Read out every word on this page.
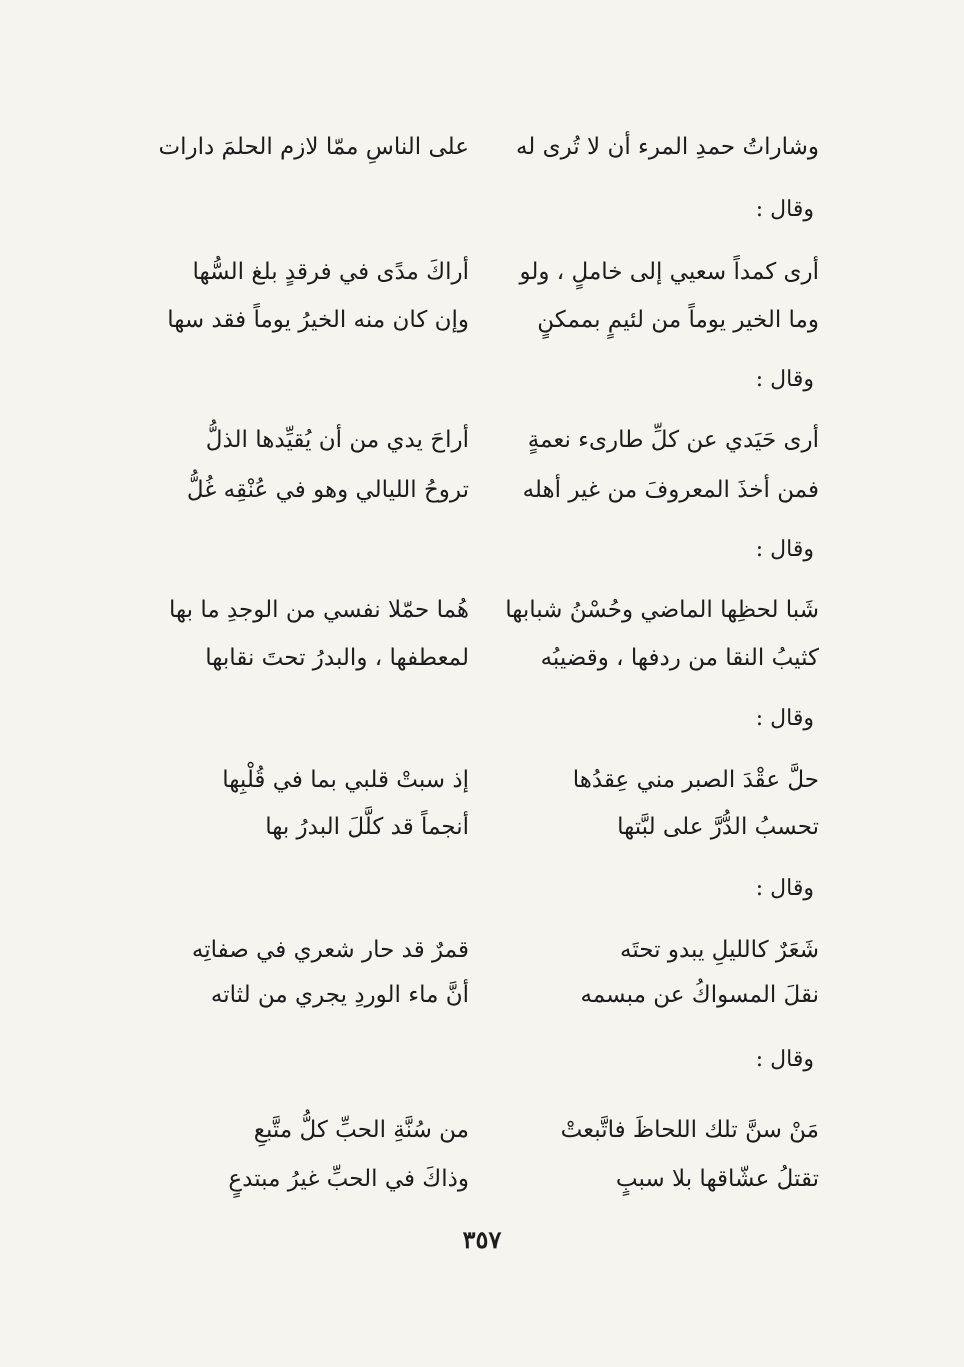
وشاراتُ حمدِ المرء أن لا تُرى له
على الناسِ ممّا لازم الحلمَ دارات
وقال :
أرى كمداً سعيي إلى خاملٍ ، ولو
أراكَ مدًى في فرقدٍ بلغ السُّها
وما الخير يوماً من لئيمٍ بممكنٍ
وإن كان منه الخيرُ يوماً فقد سها
وقال :
أرى حَيَدي عن كلِّ طارىء نعمةٍ
أراحَ يدي من أن يُقيِّدها الذلُّ
فمن أخذَ المعروفَ من غير أهله
تروحُ الليالي وهو في عُنْقِه غُلُّ
وقال :
شَبا لحظِها الماضي وحُسْنُ شبابها
هُما حمّلا نفسي من الوجدِ ما بها
كثيبُ النقا من ردفها ، وقضيبُه
لمعطفها ، والبدرُ تحتَ نقابها
وقال :
حلَّ عقْدَ الصبر مني عِقدُها
إذ سبتْ قلبي بما في قُلْبِها
تحسبُ الدُّرَّ على لبَّتها
أنجماً قد كلَّلَ البدرُ بها
وقال :
شَعَرٌ كالليلِ يبدو تحتَه
قمرٌ قد حار شعري في صفاتِه
نقلَ المسواكُ عن مبسمه
أنَّ ماء الوردِ يجري من لثاته
وقال :
مَنْ سنَّ تلك اللحاظَ فاتَّبعتْ
من سُنَّةِ الحبِّ كلُّ متَّبعِ
تقتلُ عشّاقها بلا سببٍ
وذاكَ في الحبِّ غيرُ مبتدعٍ
٣٥٧
